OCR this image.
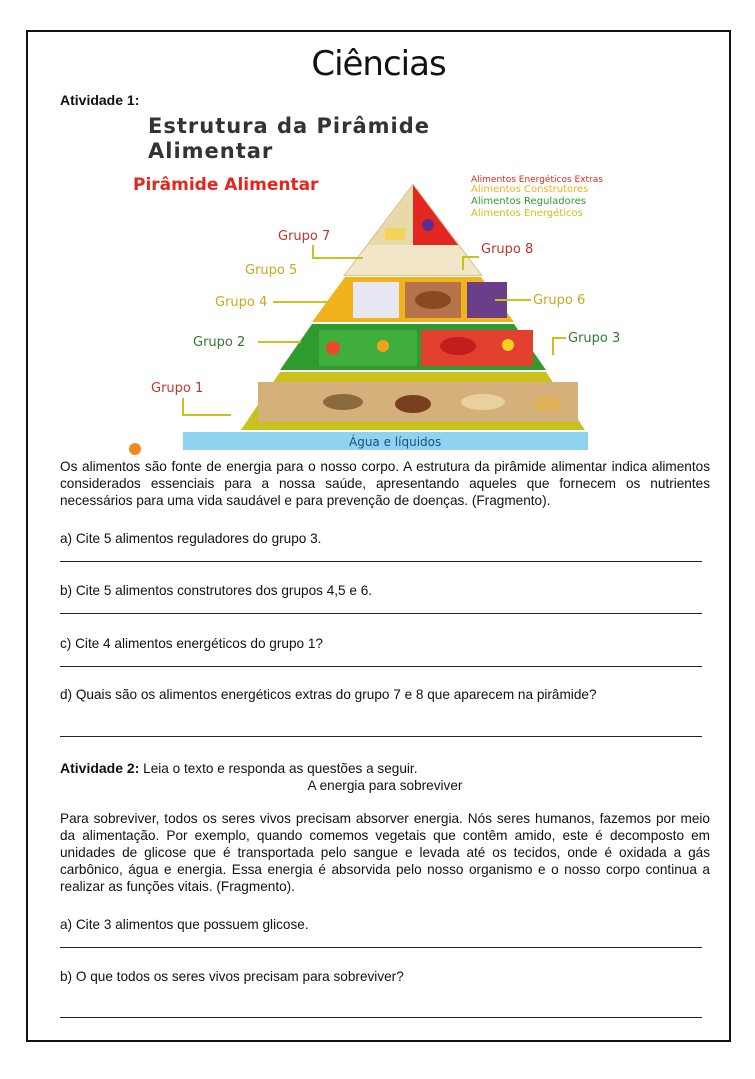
Ciências
Atividade 1:
Estrutura da Pirâmide
Alimentar
Pirâmide Alimentar	Alimentos Energéticos Extras
Alimentos Construtores
Alimentos Reguladores
Alimentos Energéticos
Grupo 7
Grupo 5
Grupo 8
Grupo 4	Grupo 6
Grupo 2	Grupo 3
Grupo 1
Água e líquidos
Os alimentos são fonte de energia para o nosso corpo. A estrutura da pirâmide alimentar indica alimentos considerados essenciais para a nossa saúde, apresentando aqueles que fornecem os nutrientes necessários para uma vida saudável e para prevenção de doenças. (Fragmento).
a) Cite 5 alimentos reguladores do grupo 3.
b) Cite 5 alimentos construtores dos grupos 4,5 e 6.
c) Cite 4 alimentos energéticos do grupo 1?
d) Quais são os alimentos energéticos extras do grupo 7 e 8 que aparecem na pirâmide?
Atividade 2: Leia o texto e responda as questões a seguir.
A energia para sobreviver
Para sobreviver, todos os seres vivos precisam absorver energia. Nós seres humanos, fazemos por meio da alimentação. Por exemplo, quando comemos vegetais que contêm amido, este é decomposto em unidades de glicose que é transportada pelo sangue e levada até os tecidos, onde é oxidada a gás carbônico, água e energia. Essa energia é absorvida pelo nosso organismo e o nosso corpo continua a realizar as funções vitais. (Fragmento).
a) Cite 3 alimentos que possuem glicose.
b) O que todos os seres vivos precisam para sobreviver?
